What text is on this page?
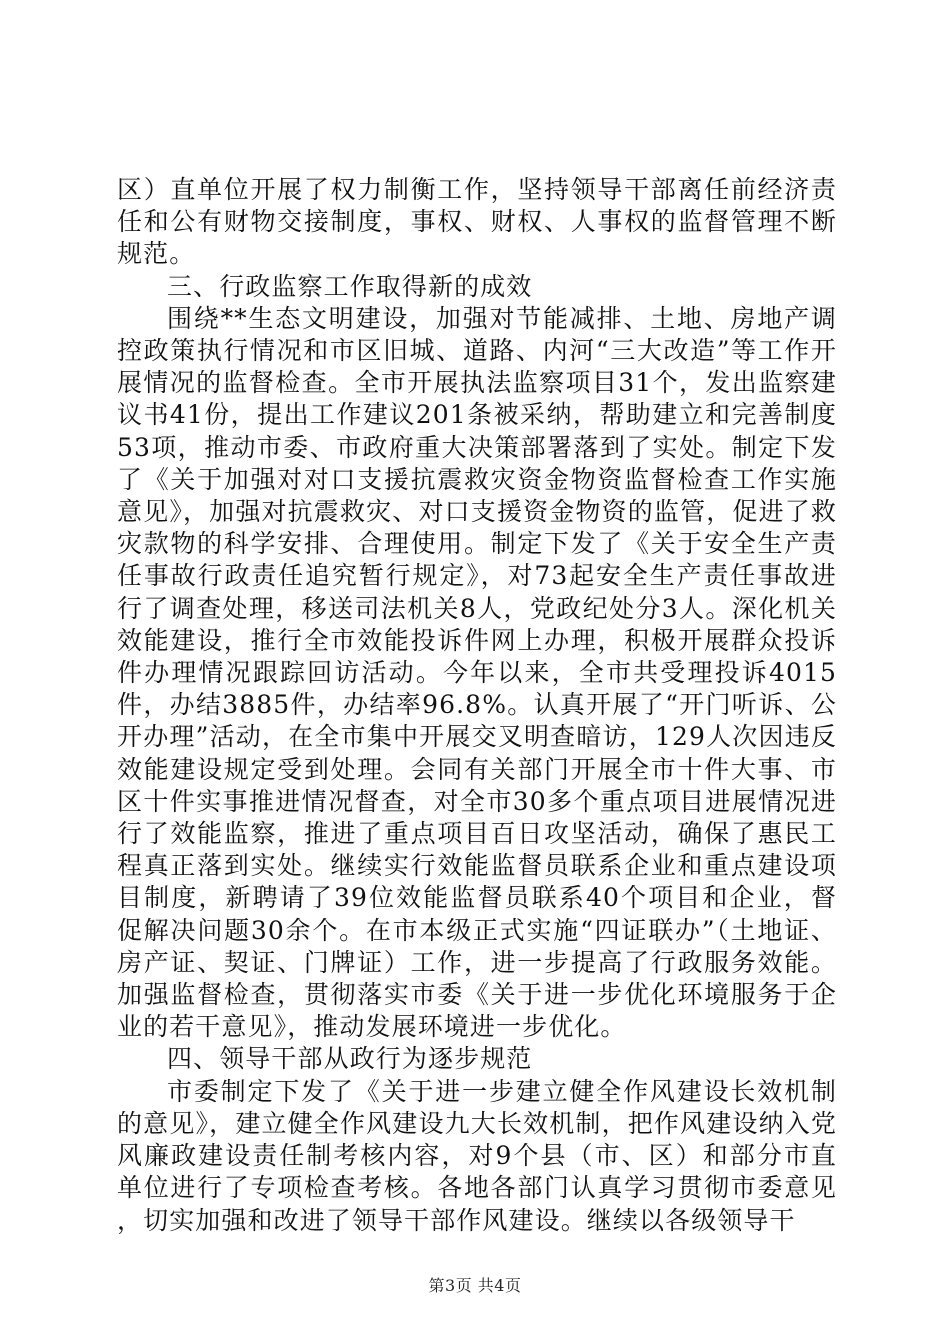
区）直单位开展了权力制衡工作，坚持领导干部离任前经济责任和公有财物交接制度，事权、财权、人事权的监督管理不断规范。

三、行政监察工作取得新的成效

围绕**生态文明建设，加强对节能减排、土地、房地产调控政策执行情况和市区旧城、道路、内河“三大改造”等工作开展情况的监督检查。全市开展执法监察项目31个，发出监察建议书41份，提出工作建议201条被采纳，帮助建立和完善制度53项，推动市委、市政府重大决策部署落到了实处。制定下发了《关于加强对对口支援抗震救灾资金物资监督检查工作实施意见》，加强对抗震救灾、对口支援资金物资的监管，促进了救灾款物的科学安排、合理使用。制定下发了《关于安全生产责任事故行政责任追究暂行规定》，对73起安全生产责任事故进行了调查处理，移送司法机关8人，党政纪处分3人。深化机关效能建设，推行全市效能投诉件网上办理，积极开展群众投诉件办理情况跟踪回访活动。今年以来，全市共受理投诉4015件，办结3885件，办结率96.8%。认真开展了“开门听诉、公开办理”活动，在全市集中开展交叉明查暗访，129人次因违反效能建设规定受到处理。会同有关部门开展全市十件大事、市区十件实事推进情况督查，对全市30多个重点项目进展情况进行了效能监察，推进了重点项目百日攻坚活动，确保了惠民工程真正落到实处。继续实行效能监督员联系企业和重点建设项目制度，新聘请了39位效能监督员联系40个项目和企业，督促解决问题30余个。在市本级正式实施“四证联办”（土地证、房产证、契证、门牌证）工作，进一步提高了行政服务效能。加强监督检查，贯彻落实市委《关于进一步优化环境服务于企业的若干意见》，推动发展环境进一步优化。

四、领导干部从政行为逐步规范

市委制定下发了《关于进一步建立健全作风建设长效机制的意见》，建立健全作风建设九大长效机制，把作风建设纳入党风廉政建设责任制考核内容，对9个县（市、区）和部分市直单位进行了专项检查考核。各地各部门认真学习贯彻市委意见，切实加强和改进了领导干部作风建设。继续以各级领导干

第3页 共4页
